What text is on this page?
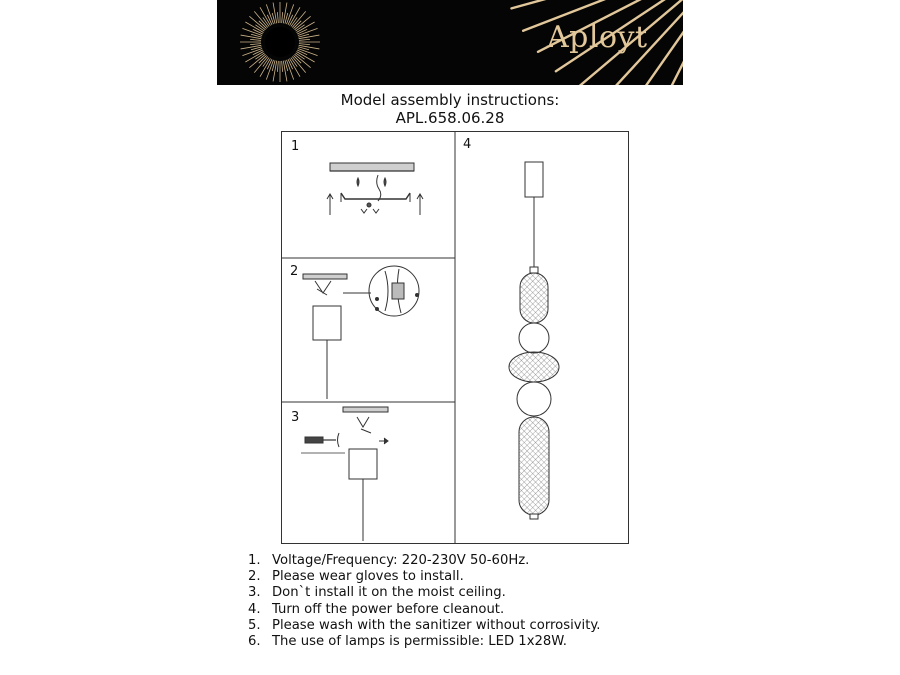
Aployt
Model assembly instructions:
APL.658.06.28
1
2
3
4
1. Voltage/Frequency: 220-230V 50-60Hz.
2. Please wear gloves to install.
3. Don`t install it on the moist ceiling.
4. Turn off the power before cleanout.
5. Please wash with the sanitizer without corrosivity.
6. The use of lamps is permissible: LED 1x28W.
